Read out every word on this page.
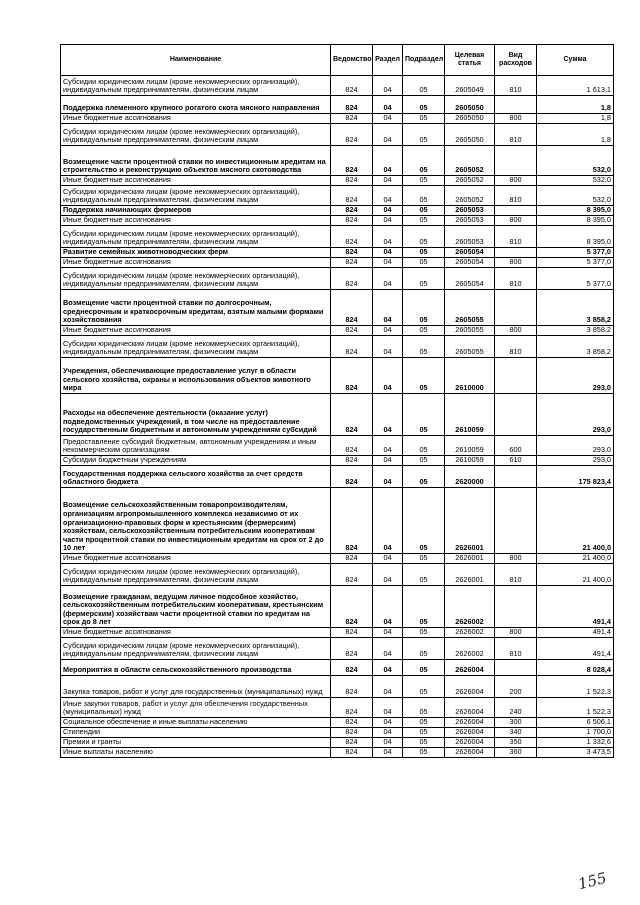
Наименование	Ведомство	Раздел	Подраздел	Целевая статья	Вид расходов	Сумма
Субсидии юридическим лицам (кроме некоммерческих организаций), индивидуальным предпринимателям, физическим лицам	824	04	05	2605049	810	1 613,1
Поддержка племенного крупного рогатого скота мясного направления	824	04	05	2605050		1,8
Иные бюджетные ассигнования	824	04	05	2605050	800	1,8
Субсидии юридическим лицам (кроме некоммерческих организаций), индивидуальным предпринимателям, физическим лицам	824	04	05	2605050	810	1,8
Возмещение части процентной ставки по инвестиционным кредитам на строительство и реконструкцию объектов мясного скотоводства	824	04	05	2605052		532,0
Иные бюджетные ассигнования	824	04	05	2605052	800	532,0
Субсидии юридическим лицам (кроме некоммерческих организаций), индивидуальным предпринимателям, физическим лицам	824	04	05	2605052	810	532,0
Поддержка начинающих фермеров	824	04	05	2605053		8 395,0
Иные бюджетные ассигнования	824	04	05	2605053	800	8 395,0
Субсидии юридическим лицам (кроме некоммерческих организаций), индивидуальным предпринимателям, физическим лицам	824	04	05	2605053	810	8 395,0
Развитие семейных животноводческих ферм	824	04	05	2605054		5 377,0
Иные бюджетные ассигнования	824	04	05	2605054	800	5 377,0
Субсидии юридическим лицам (кроме некоммерческих организаций), индивидуальным предпринимателям, физическим лицам	824	04	05	2605054	810	5 377,0
Возмещение части процентной ставки по долгосрочным, среднесрочным и краткосрочным кредитам, взятым малыми формами хозяйствования	824	04	05	2605055		3 858,2
Иные бюджетные ассигнования	824	04	05	2605055	800	3 858,2
Субсидии юридическим лицам (кроме некоммерческих организаций), индивидуальным предпринимателям, физическим лицам	824	04	05	2605055	810	3 858,2
Учреждения, обеспечивающие предоставление услуг в области сельского хозяйства, охраны и использования объектов животного мира	824	04	05	2610000		293,0
Расходы на обеспечение деятельности (оказание услуг) подведомственных учреждений, в том числе на предоставление государственным бюджетным и автономным учреждениям субсидий	824	04	05	2610059		293,0
Предоставление субсидий бюджетным, автономным учреждениям и иным некоммерческим организациям	824	04	05	2610059	600	293,0
Субсидии бюджетным учреждениям	824	04	05	2610059	610	293,0
Государственная поддержка сельского хозяйства за счет средств областного бюджета	824	04	05	2620000		175 823,4
Возмещение сельскохозяйственным товаропроизводителям, организациям агропромышленного комплекса независимо от их организационно-правовых форм и крестьянским (фермерским) хозяйствам, сельскохозяйственным потребительским кооперативам части процентной ставки по инвестиционным кредитам на срок от 2 до 10 лет	824	04	05	2626001		21 400,0
Иные бюджетные ассигнования	824	04	05	2626001	800	21 400,0
Субсидии юридическим лицам (кроме некоммерческих организаций), индивидуальным предпринимателям, физическим лицам	824	04	05	2626001	810	21 400,0
Возмещение гражданам, ведущим личное подсобное хозяйство, сельскохозяйственным потребительским кооперативам, крестьянским (фермерским) хозяйствам части процентной ставки по кредитам на срок до 8 лет	824	04	05	2626002		491,4
Иные бюджетные ассигнования	824	04	05	2626002	800	491,4
Субсидии юридическим лицам (кроме некоммерческих организаций), индивидуальным предпринимателям, физическим лицам	824	04	05	2626002	810	491,4
Мероприятия в области сельскохозяйственного производства	824	04	05	2626004		8 028,4
Закупка товаров, работ и услуг для государственных (муниципальных) нужд	824	04	05	2626004	200	1 522,3
Иные закупки товаров, работ и услуг для обеспечения государственных (муниципальных) нужд	824	04	05	2626004	240	1 522,3
Социальное обеспечение и иные выплаты населению	824	04	05	2626004	300	6 506,1
Стипендии	824	04	05	2626004	340	1 700,0
Премии и гранты	824	04	05	2626004	350	1 332,6
Иные выплаты населению	824	04	05	2626004	360	3 473,5
155
